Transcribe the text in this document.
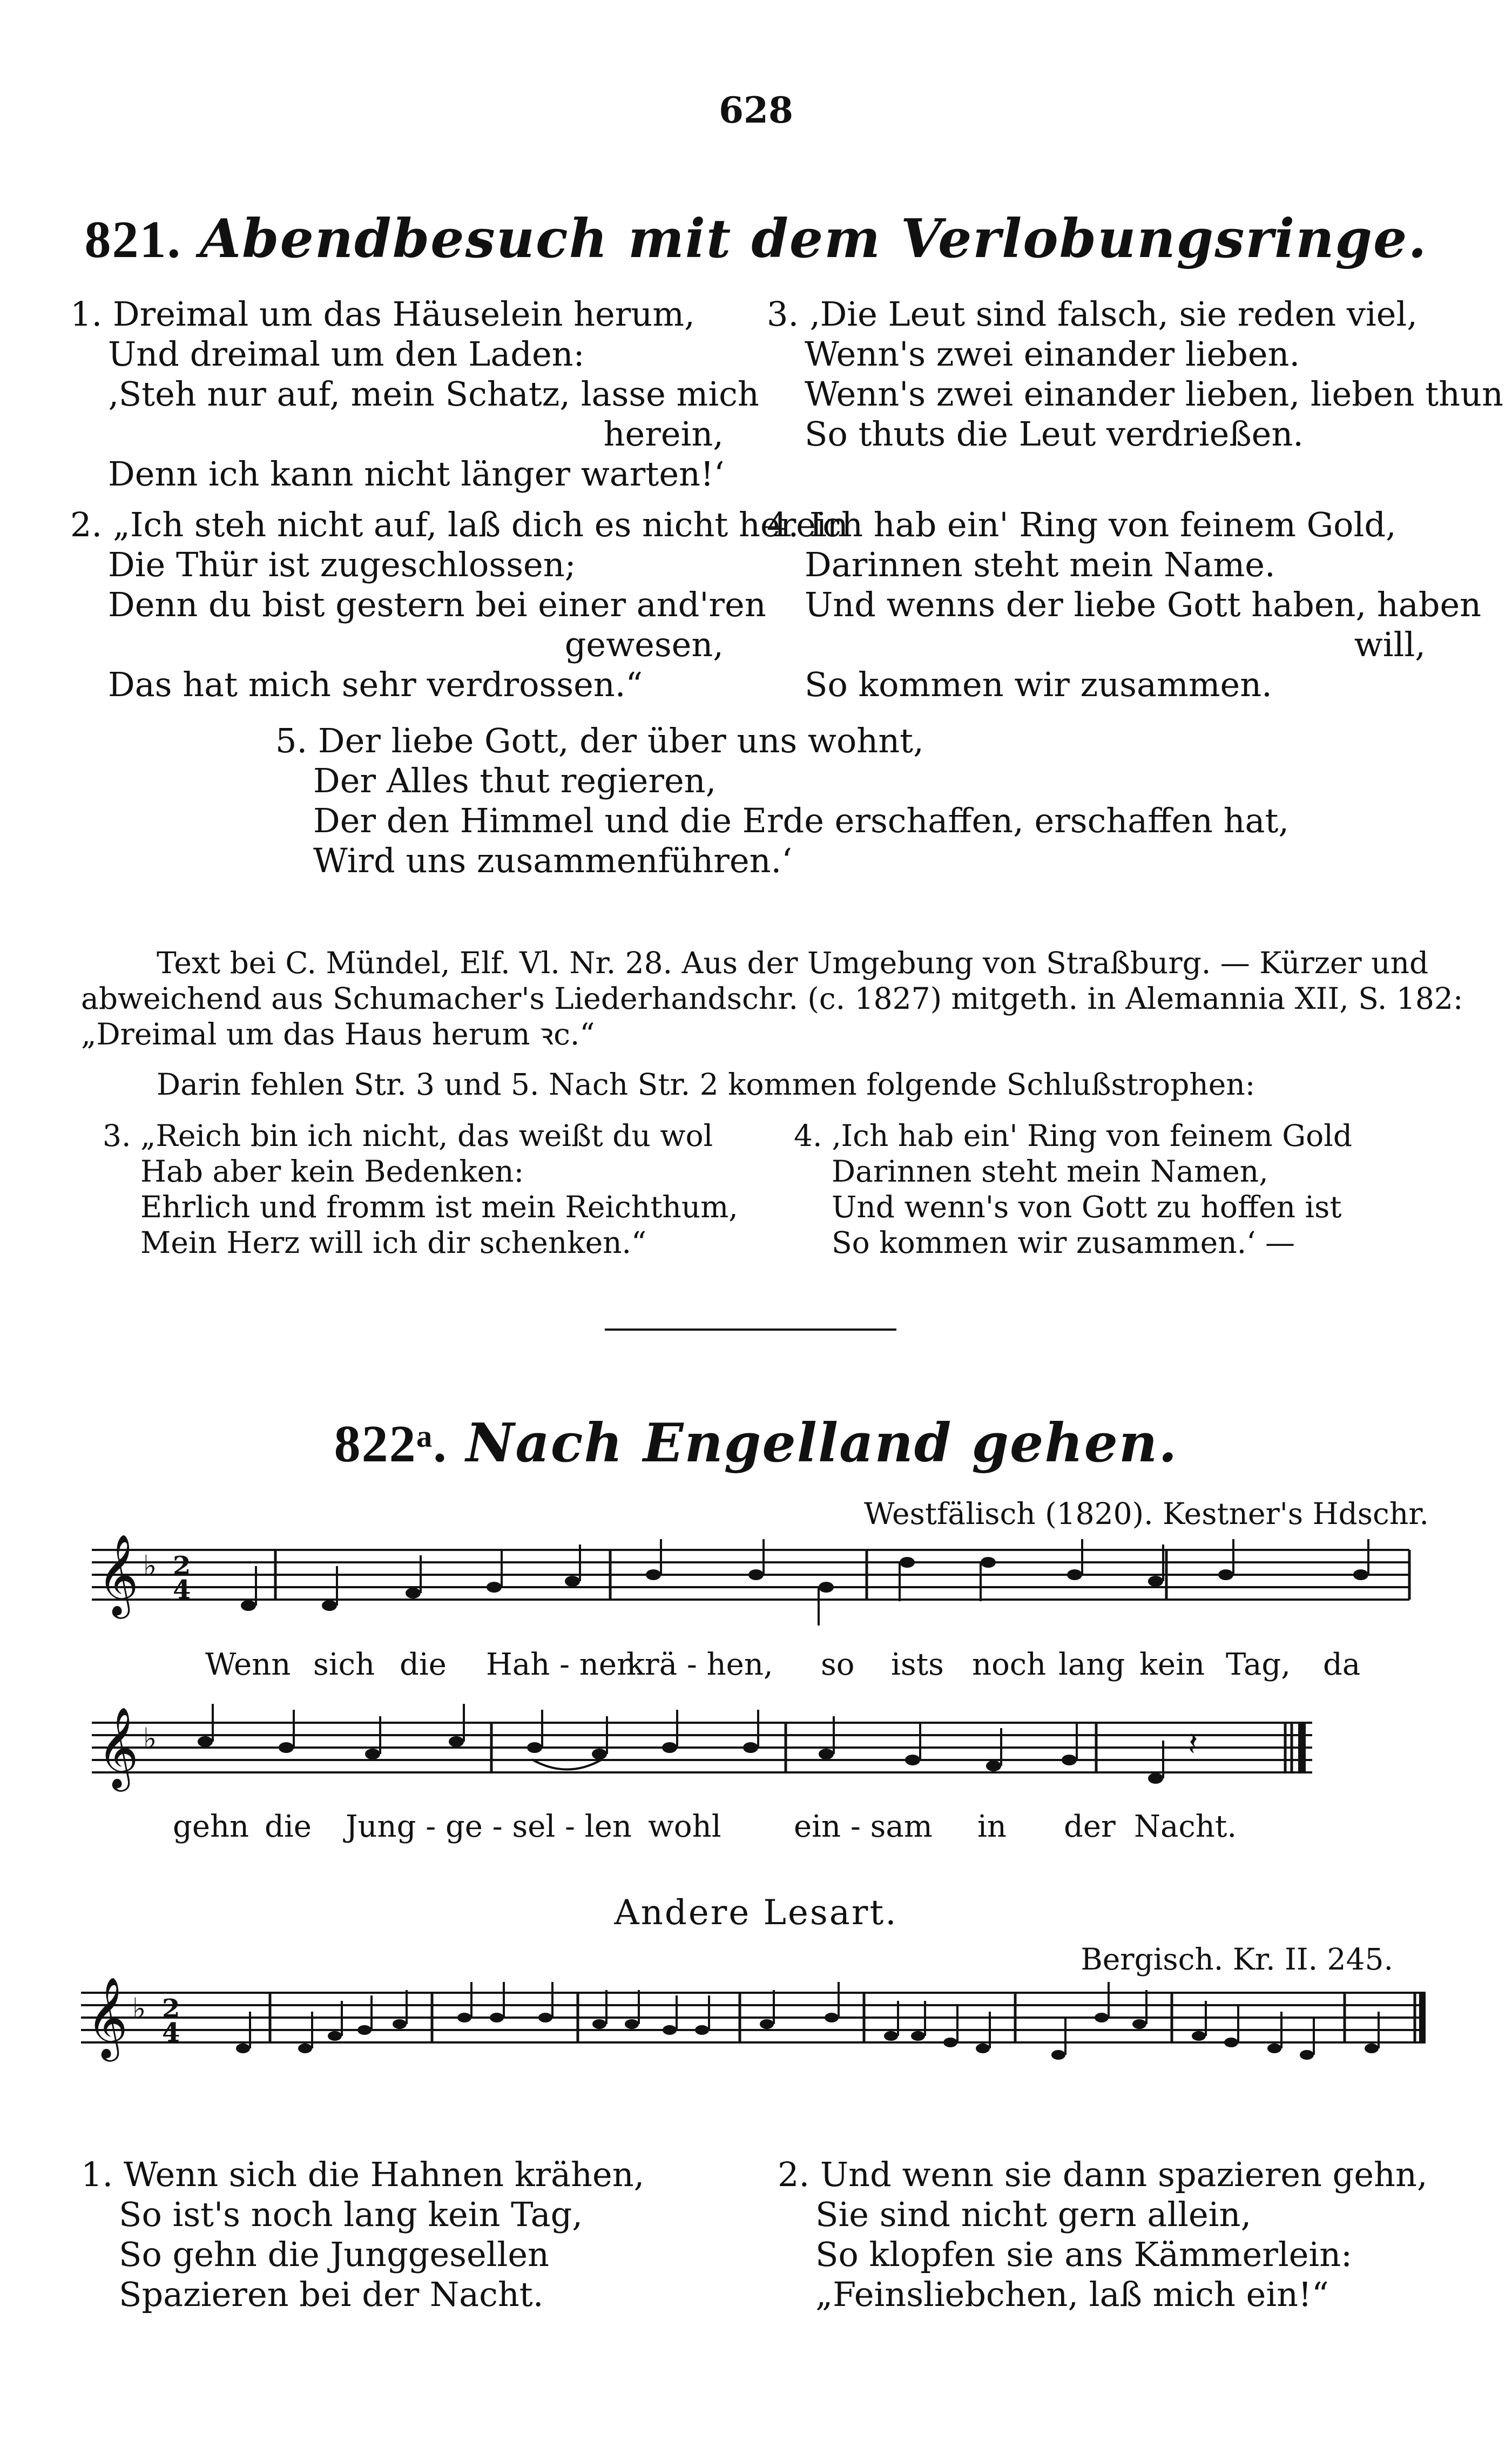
628
821. Abendbesuch mit dem Verlobungsringe.
1. Dreimal um das Häuselein herum,
Und dreimal um den Laden:
‚Steh nur auf, mein Schatz, lasse mich
herein,
Denn ich kann nicht länger warten!‘
2. „Ich steh nicht auf, laß dich es nicht herein
Die Thür ist zugeschlossen;
Denn du bist gestern bei einer and'ren
gewesen,
Das hat mich sehr verdrossen.“
3. ‚Die Leut sind falsch, sie reden viel,
Wenn's zwei einander lieben.
Wenn's zwei einander lieben, lieben thun
So thuts die Leut verdrießen.
4. Ich hab ein' Ring von feinem Gold,
Darinnen steht mein Name.
Und wenns der liebe Gott haben, haben
will,
So kommen wir zusammen.
5. Der liebe Gott, der über uns wohnt,
Der Alles thut regieren,
Der den Himmel und die Erde erschaffen, erschaffen hat,
Wird uns zusammenführen.‘
Text bei C. Mündel, Elf. Vl. Nr. 28. Aus der Umgebung von Straßburg. — Kürzer und
abweichend aus Schumacher's Liederhandschr. (c. 1827) mitgeth. in Alemannia XII, S. 182:
„Dreimal um das Haus herum ꝛc.“
Darin fehlen Str. 3 und 5. Nach Str. 2 kommen folgende Schlußstrophen:
3. „Reich bin ich nicht, das weißt du wol
Hab aber kein Bedenken:
Ehrlich und fromm ist mein Reichthum,
Mein Herz will ich dir schenken.“
4. ‚Ich hab ein' Ring von feinem Gold
Darinnen steht mein Namen,
Und wenn's von Gott zu hoffen ist
So kommen wir zusammen.‘ —
822ᵃ. Nach Engelland gehen.
Westfälisch (1820). Kestner's Hdschr.
𝄞 ♭ 2
4
Wenn sich die Hah - nen
krä - hen, so ists noch lang kein Tag, da
𝄞 ♭	𝄽
gehn die Jung - ge - sel - len wohl ein - sam in der Nacht.
Andere Lesart.
Bergisch. Kr. II. 245.
𝄞 ♭ 2
4
1. Wenn sich die Hahnen krähen,
So ist's noch lang kein Tag,
So gehn die Junggesellen
Spazieren bei der Nacht.
2. Und wenn sie dann spazieren gehn,
Sie sind nicht gern allein,
So klopfen sie ans Kämmerlein:
„Feinsliebchen, laß mich ein!“
